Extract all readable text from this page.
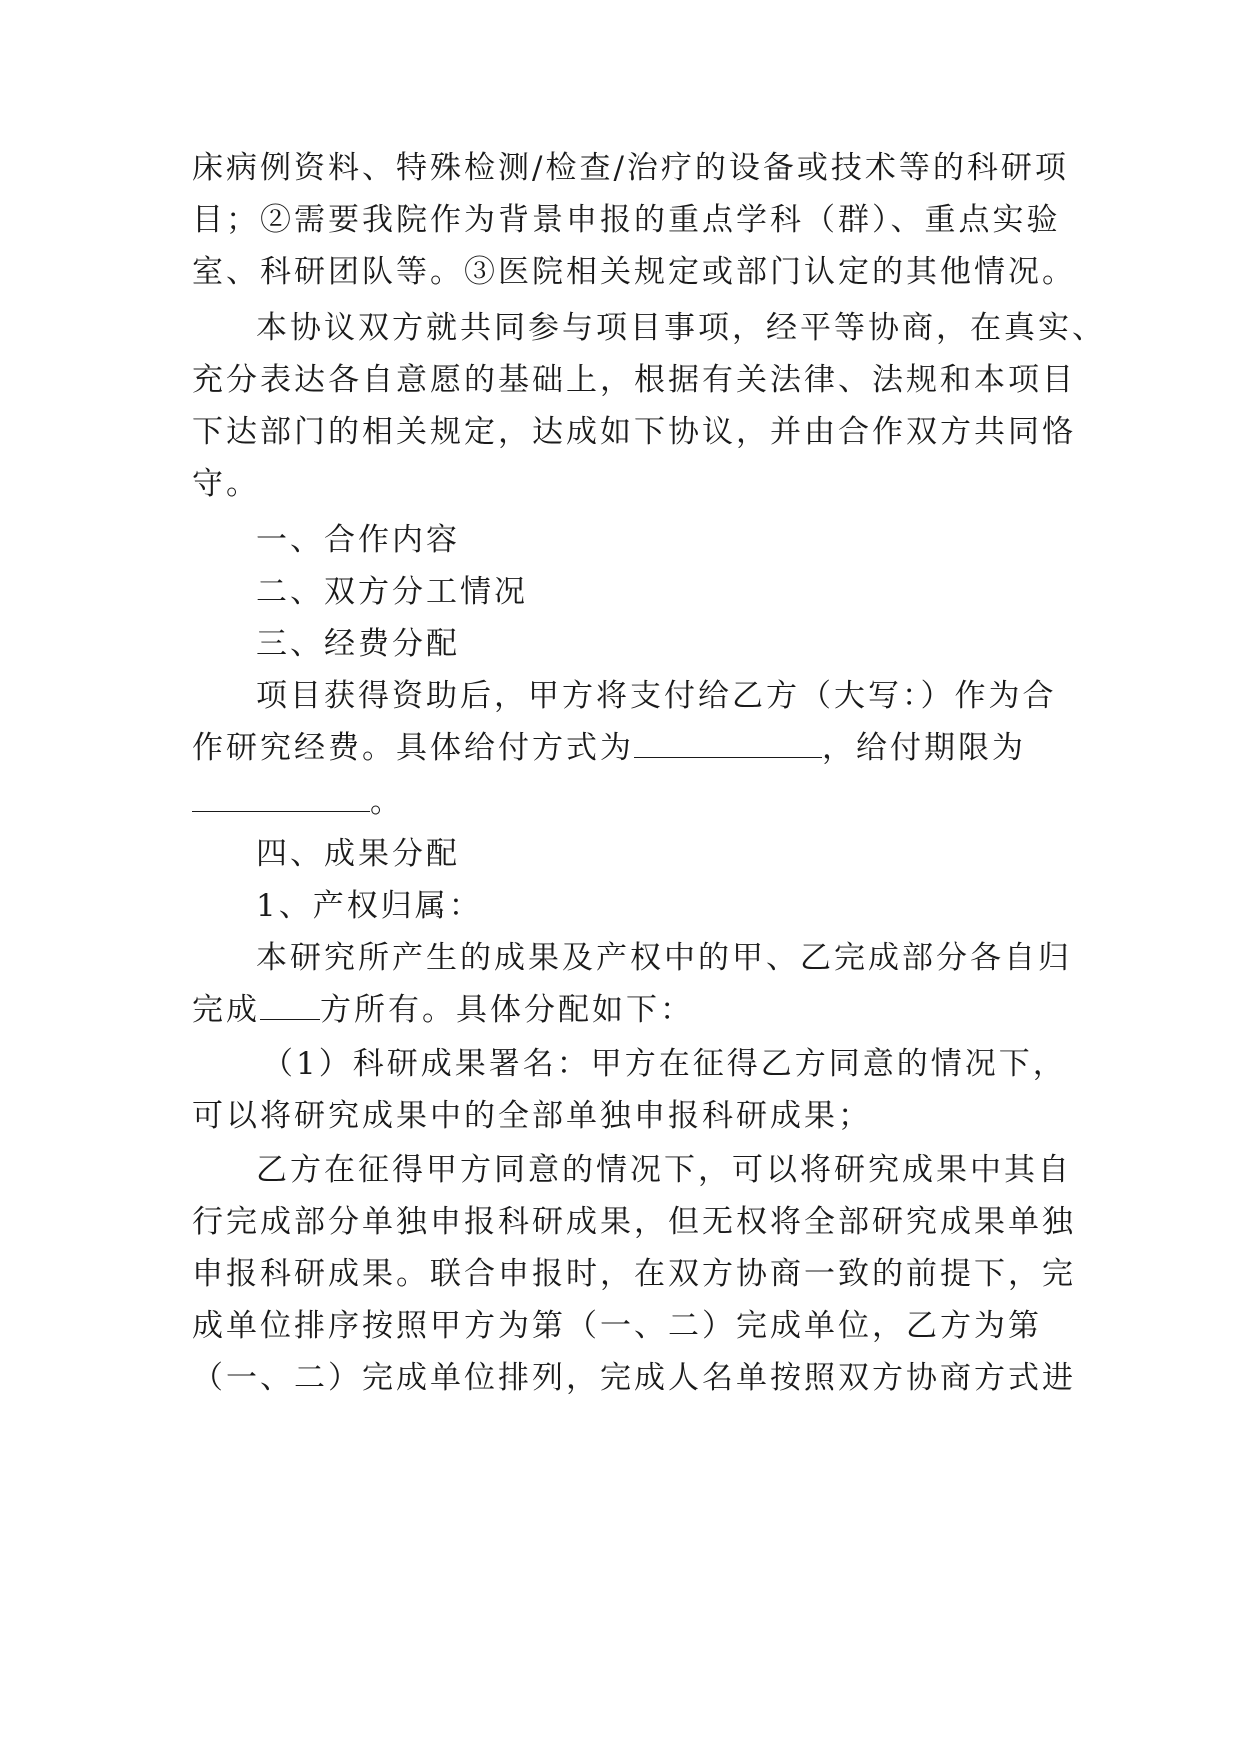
床病例资料、特殊检测/检查/治疗的设备或技术等的科研项
目；②需要我院作为背景申报的重点学科（群）、重点实验
室、科研团队等。③医院相关规定或部门认定的其他情况。
本协议双方就共同参与项目事项，经平等协商，在真实、
充分表达各自意愿的基础上，根据有关法律、法规和本项目
下达部门的相关规定，达成如下协议，并由合作双方共同恪
守。
一、合作内容
二、双方分工情况
三、经费分配
项目获得资助后，甲方将支付给乙方（大写：）作为合
作研究经费。具体给付方式为	，给付期限为
。
四、成果分配
1、产权归属：
本研究所产生的成果及产权中的甲、乙完成部分各自归
完成 方所有。具体分配如下：
（1）科研成果署名：甲方在征得乙方同意的情况下，
可以将研究成果中的全部单独申报科研成果；
乙方在征得甲方同意的情况下，可以将研究成果中其自
行完成部分单独申报科研成果，但无权将全部研究成果单独
申报科研成果。联合申报时，在双方协商一致的前提下，完
成单位排序按照甲方为第（一、二）完成单位，乙方为第
（一、二）完成单位排列，完成人名单按照双方协商方式进
